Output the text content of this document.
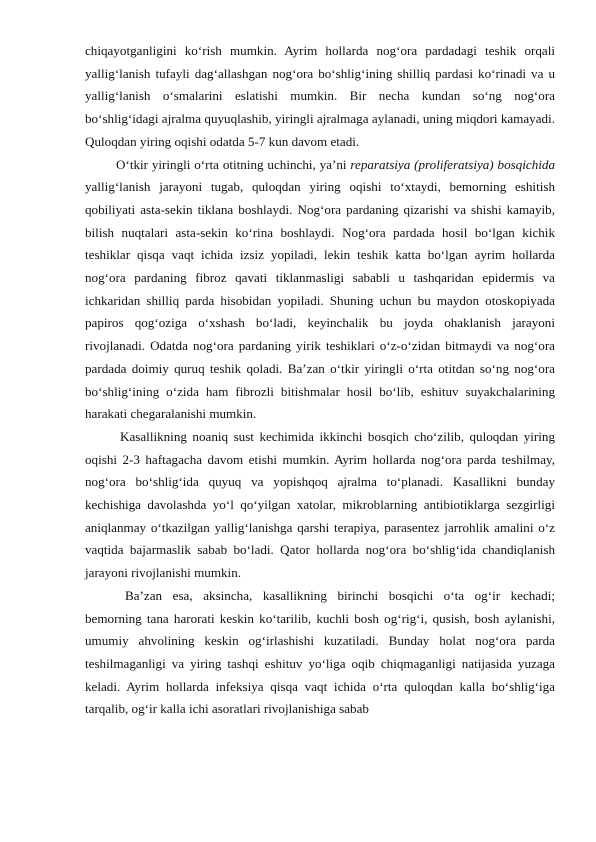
chiqayotganligini ko‘rish mumkin. Ayrim hollarda nog‘ora pardadagi teshik orqali yallig‘lanish tufayli dag‘allashgan nog‘ora bo‘shlig‘ining shilliq pardasi ko‘rinadi va u yallig‘lanish o‘smalarini eslatishi mumkin. Bir necha kundan so‘ng nog‘ora bo‘shlig‘idagi ajralma quyuqlashib, yiringli ajralmaga aylanadi, uning miqdori kamayadi. Quloqdan yiring oqishi odatda 5-7 kun davom etadi.

O‘tkir yiringli o‘rta otitning uchinchi, ya’ni reparatsiya (proliferatsiya) bosqichida yallig‘lanish jarayoni tugab, quloqdan yiring oqishi to‘xtaydi, bemorning eshitish qobiliyati asta-sekin tiklana boshlaydi. Nog‘ora pardaning qizarishi va shishi kamayib, bilish nuqtalari asta-sekin ko‘rina boshlaydi. Nog‘ora pardada hosil bo‘lgan kichik teshiklar qisqa vaqt ichida izsiz yopiladi, lekin teshik katta bo‘lgan ayrim hollarda nog‘ora pardaning fibroz qavati tiklanmasligi sababli u tashqaridan epidermis va ichkaridan shilliq parda hisobidan yopiladi. Shuning uchun bu maydon otoskopiyada papiros qog‘oziga o‘xshash bo‘ladi, keyinchalik bu joyda ohaklanish jarayoni rivojlanadi. Odatda nog‘ora pardaning yirik teshiklari o‘z-o‘zidan bitmaydi va nog‘ora pardada doimiy quruq teshik qoladi. Ba’zan o‘tkir yiringli o‘rta otitdan so‘ng nog‘ora bo‘shlig‘ining o‘zida ham fibrozli bitishmalar hosil bo‘lib, eshituv suyakchalarining harakati chegaralanishi mumkin.

Kasallikning noaniq sust kechimida ikkinchi bosqich cho‘zilib, quloqdan yiring oqishi 2-3 haftagacha davom etishi mumkin. Ayrim hollarda nog‘ora parda teshilmay, nog‘ora bo‘shlig‘ida quyuq va yopishqoq ajralma to‘planadi. Kasallikni bunday kechishiga davolashda yo‘l qo‘yilgan xatolar, mikroblarning antibiotiklarga sezgirligi aniqlanmay o‘tkazilgan yallig‘lanishga qarshi terapiya, parasentez jarrohlik amalini o‘z vaqtida bajarmaslik sabab bo‘ladi. Qator hollarda nog‘ora bo‘shlig‘ida chandiqlanish jarayoni rivojlanishi mumkin.

Ba’zan esa, aksincha, kasallikning birinchi bosqichi o‘ta og‘ir kechadi; bemorning tana harorati keskin ko‘tarilib, kuchli bosh og‘rig‘i, qusish, bosh aylanishi, umumiy ahvolining keskin og‘irlashishi kuzatiladi. Bunday holat nog‘ora parda teshilmaganligi va yiring tashqi eshituv yo‘liga oqib chiqmaganligi natijasida yuzaga keladi. Ayrim hollarda infeksiya qisqa vaqt ichida o‘rta quloqdan kalla bo‘shlig‘iga tarqalib, og‘ir kalla ichi asoratlari rivojlanishiga sabab
